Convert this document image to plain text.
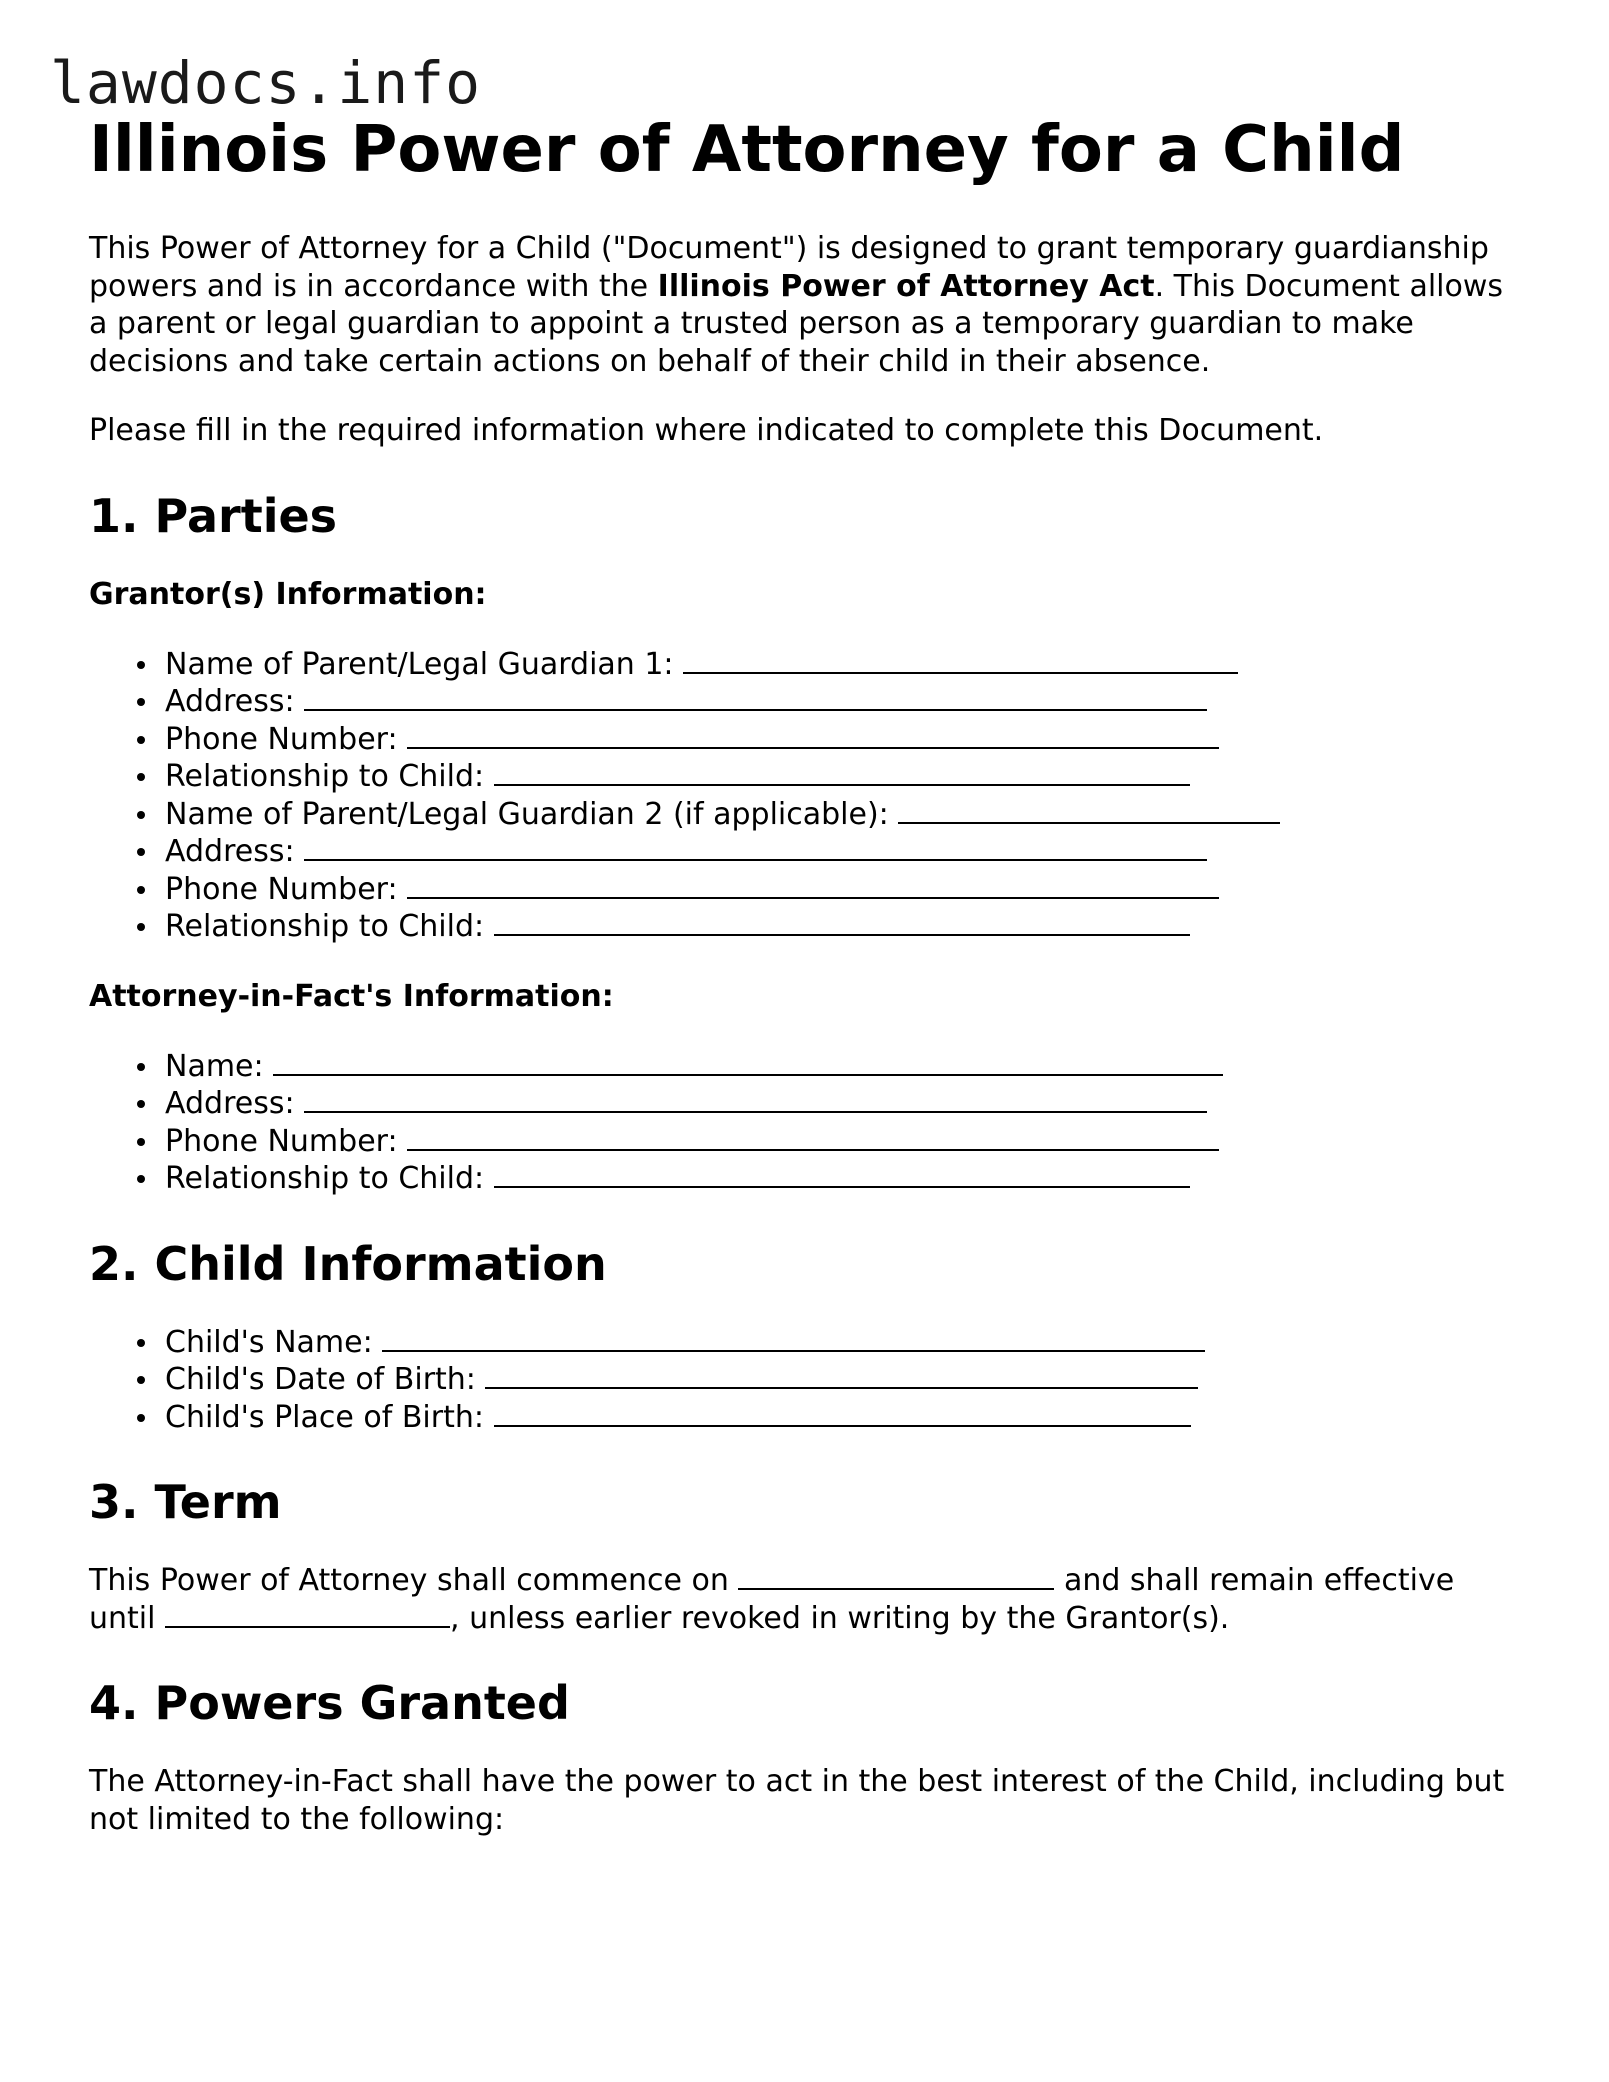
lawdocs.info
Illinois Power of Attorney for a Child

This Power of Attorney for a Child ("Document") is designed to grant temporary guardianship powers and is in accordance with the Illinois Power of Attorney Act. This Document allows a parent or legal guardian to appoint a trusted person as a temporary guardian to make decisions and take certain actions on behalf of their child in their absence.

Please fill in the required information where indicated to complete this Document.

1. Parties
Grantor(s) Information:
Name of Parent/Legal Guardian 1:
Address:
Phone Number:
Relationship to Child:
Name of Parent/Legal Guardian 2 (if applicable):
Address:
Phone Number:
Relationship to Child:
Attorney-in-Fact's Information:
Name:
Address:
Phone Number:
Relationship to Child:
2. Child Information
Child's Name:
Child's Date of Birth:
Child's Place of Birth:
3. Term

This Power of Attorney shall commence on	and shall remain effective until	, unless earlier revoked in writing by the Grantor(s).

4. Powers Granted

The Attorney-in-Fact shall have the power to act in the best interest of the Child, including but not limited to the following:
